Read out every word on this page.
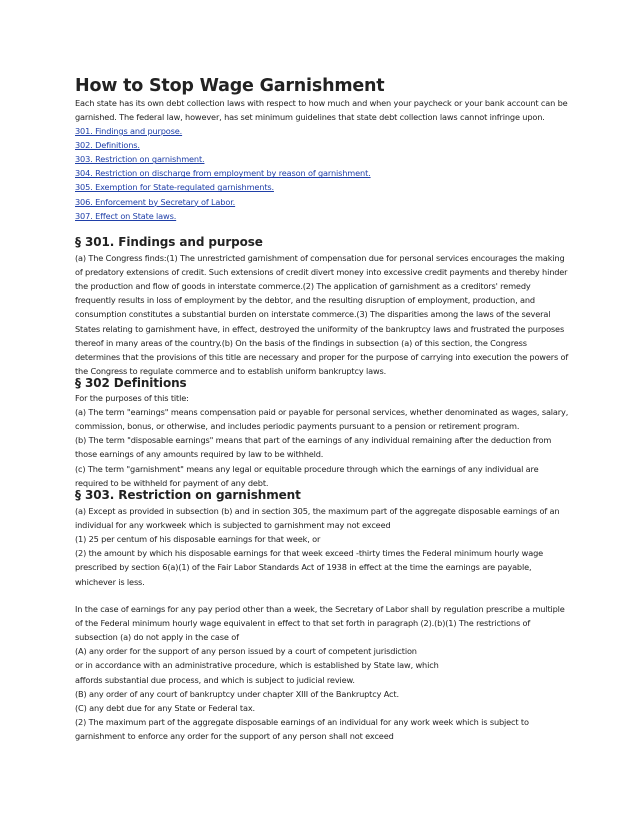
How to Stop Wage Garnishment
Each state has its own debt collection laws with respect to how much and when your paycheck or your bank account can be
garnished. The federal law, however, has set minimum guidelines that state debt collection laws cannot infringe upon.
301. Findings and purpose.
302. Definitions.
303. Restriction on garnishment.
304. Restriction on discharge from employment by reason of garnishment.
305. Exemption for State-regulated garnishments.
306. Enforcement by Secretary of Labor.
307. Effect on State laws.
§ 301. Findings and purpose
(a) The Congress finds:(1) The unrestricted garnishment of compensation due for personal services encourages the making
of predatory extensions of credit. Such extensions of credit divert money into excessive credit payments and thereby hinder
the production and flow of goods in interstate commerce.(2) The application of garnishment as a creditors' remedy
frequently results in loss of employment by the debtor, and the resulting disruption of employment, production, and
consumption constitutes a substantial burden on interstate commerce.(3) The disparities among the laws of the several
States relating to garnishment have, in effect, destroyed the uniformity of the bankruptcy laws and frustrated the purposes
thereof in many areas of the country.(b) On the basis of the findings in subsection (a) of this section, the Congress
determines that the provisions of this title are necessary and proper for the purpose of carrying into execution the powers of
the Congress to regulate commerce and to establish uniform bankruptcy laws.
§ 302 Definitions
For the purposes of this title:
(a) The term "earnings" means compensation paid or payable for personal services, whether denominated as wages, salary,
commission, bonus, or otherwise, and includes periodic payments pursuant to a pension or retirement program.
(b) The term "disposable earnings" means that part of the earnings of any individual remaining after the deduction from
those earnings of any amounts required by law to be withheld.
(c) The term "garnishment" means any legal or equitable procedure through which the earnings of any individual are
required to be withheld for payment of any debt.
§ 303. Restriction on garnishment
(a) Except as provided in subsection (b) and in section 305, the maximum part of the aggregate disposable earnings of an
individual for any workweek which is subjected to garnishment may not exceed
(1) 25 per centum of his disposable earnings for that week, or
(2) the amount by which his disposable earnings for that week exceed -thirty times the Federal minimum hourly wage
prescribed by section 6(a)(1) of the Fair Labor Standards Act of 1938 in effect at the time the earnings are payable,
whichever is less.
In the case of earnings for any pay period other than a week, the Secretary of Labor shall by regulation prescribe a multiple
of the Federal minimum hourly wage equivalent in effect to that set forth in paragraph (2).(b)(1) The restrictions of
subsection (a) do not apply in the case of
(A) any order for the support of any person issued by a court of competent jurisdiction
or in accordance with an administrative procedure, which is established by State law, which
affords substantial due process, and which is subject to judicial review.
(B) any order of any court of bankruptcy under chapter XIII of the Bankruptcy Act.
(C) any debt due for any State or Federal tax.
(2) The maximum part of the aggregate disposable earnings of an individual for any work week which is subject to
garnishment to enforce any order for the support of any person shall not exceed
